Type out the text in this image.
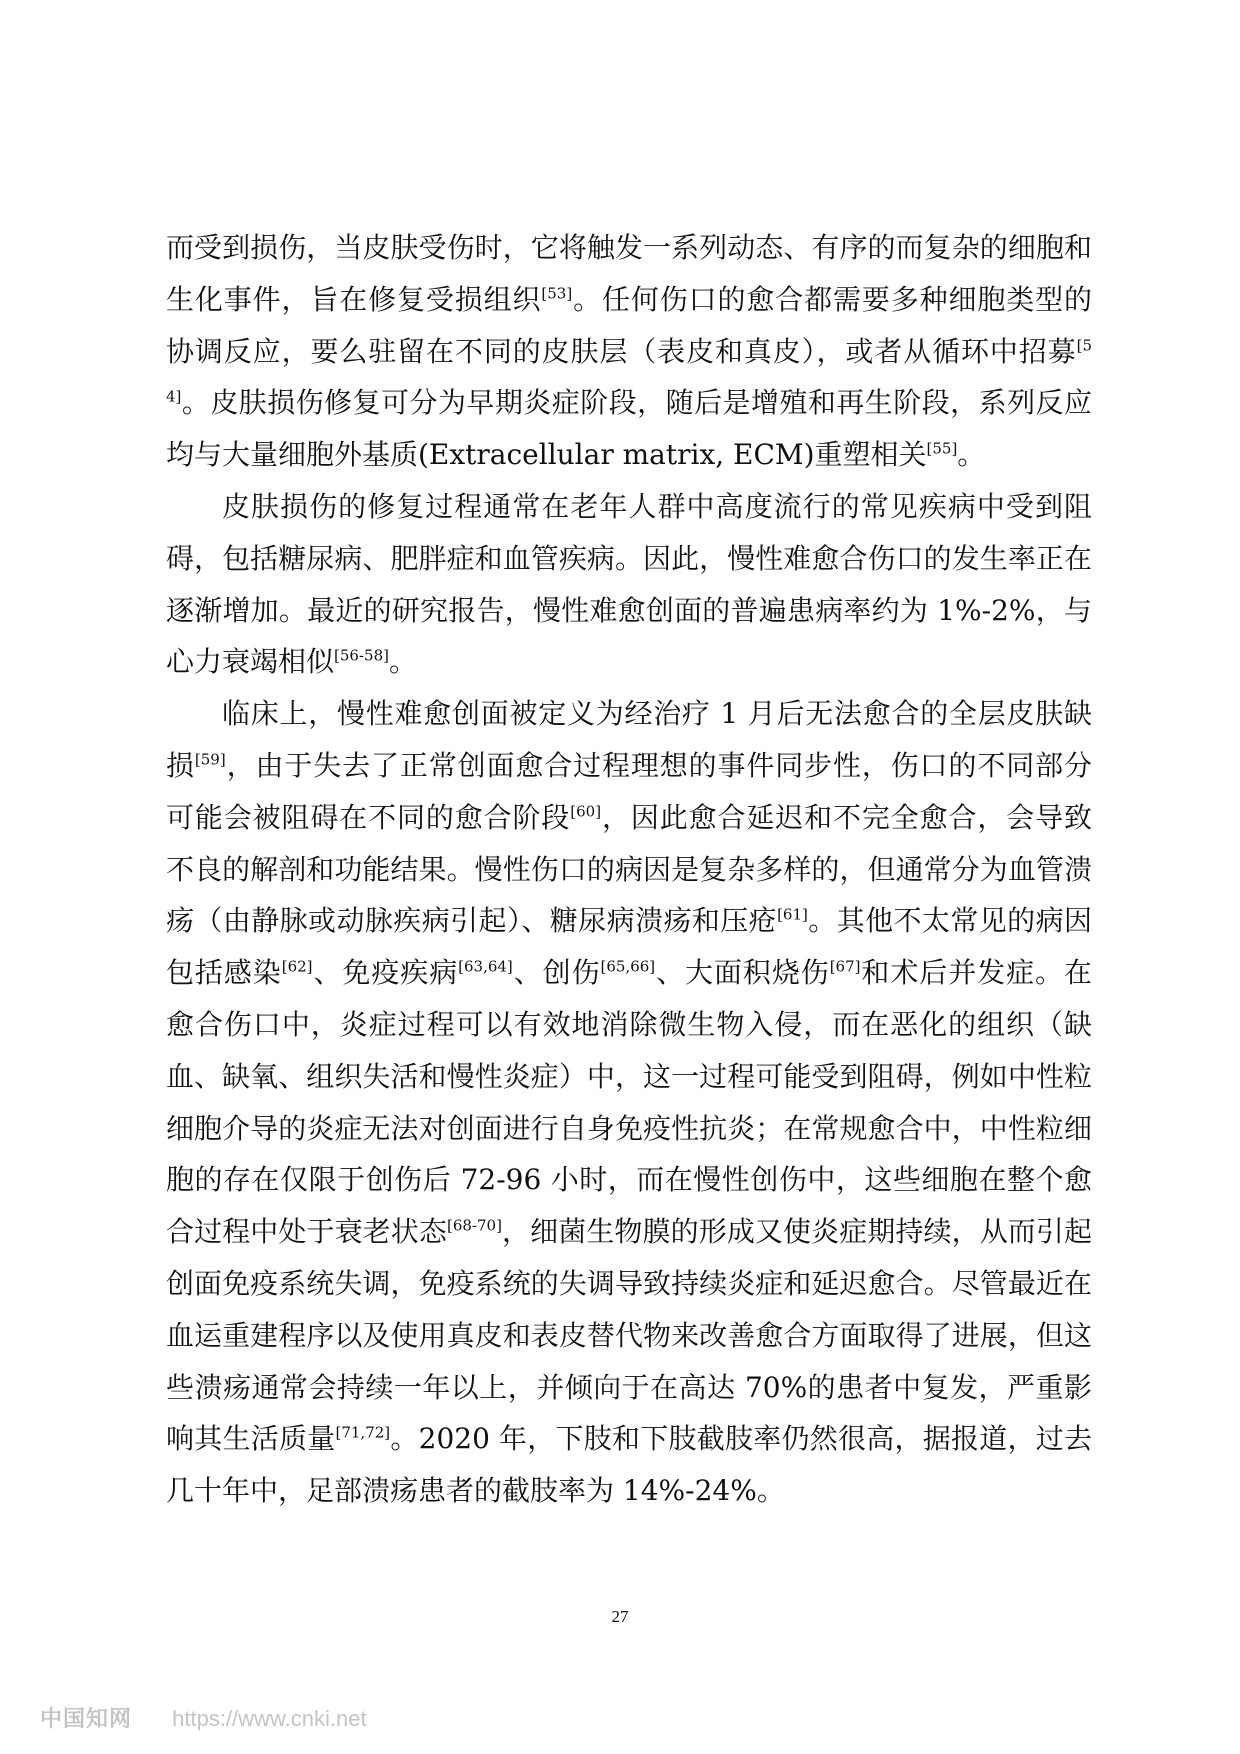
而受到损伤，当皮肤受伤时，它将触发一系列动态、有序的而复杂的细胞和生化事件，旨在修复受损组织[53]。任何伤口的愈合都需要多种细胞类型的协调反应，要么驻留在不同的皮肤层（表皮和真皮），或者从循环中招募[54]。皮肤损伤修复可分为早期炎症阶段，随后是增殖和再生阶段，系列反应均与大量细胞外基质(Extracellular matrix, ECM)重塑相关[55]。

皮肤损伤的修复过程通常在老年人群中高度流行的常见疾病中受到阻碍，包括糖尿病、肥胖症和血管疾病。因此，慢性难愈合伤口的发生率正在逐渐增加。最近的研究报告，慢性难愈创面的普遍患病率约为 1%-2%，与心力衰竭相似[56-58]。

临床上，慢性难愈创面被定义为经治疗 1 月后无法愈合的全层皮肤缺损[59]，由于失去了正常创面愈合过程理想的事件同步性，伤口的不同部分可能会被阻碍在不同的愈合阶段[60]，因此愈合延迟和不完全愈合，会导致不良的解剖和功能结果。慢性伤口的病因是复杂多样的，但通常分为血管溃疡（由静脉或动脉疾病引起）、糖尿病溃疡和压疮[61]。其他不太常见的病因包括感染[62]、免疫疾病[63,64]、创伤[65,66]、大面积烧伤[67]和术后并发症。在愈合伤口中，炎症过程可以有效地消除微生物入侵，而在恶化的组织（缺血、缺氧、组织失活和慢性炎症）中，这一过程可能受到阻碍，例如中性粒细胞介导的炎症无法对创面进行自身免疫性抗炎；在常规愈合中，中性粒细胞的存在仅限于创伤后 72-96 小时，而在慢性创伤中，这些细胞在整个愈合过程中处于衰老状态[68-70]，细菌生物膜的形成又使炎症期持续，从而引起创面免疫系统失调，免疫系统的失调导致持续炎症和延迟愈合。尽管最近在血运重建程序以及使用真皮和表皮替代物来改善愈合方面取得了进展，但这些溃疡通常会持续一年以上，并倾向于在高达 70%的患者中复发，严重影响其生活质量[71,72]。2020 年，下肢和下肢截肢率仍然很高，据报道，过去几十年中，足部溃疡患者的截肢率为 14%-24%。

27
中国知网 https://www.cnki.net
